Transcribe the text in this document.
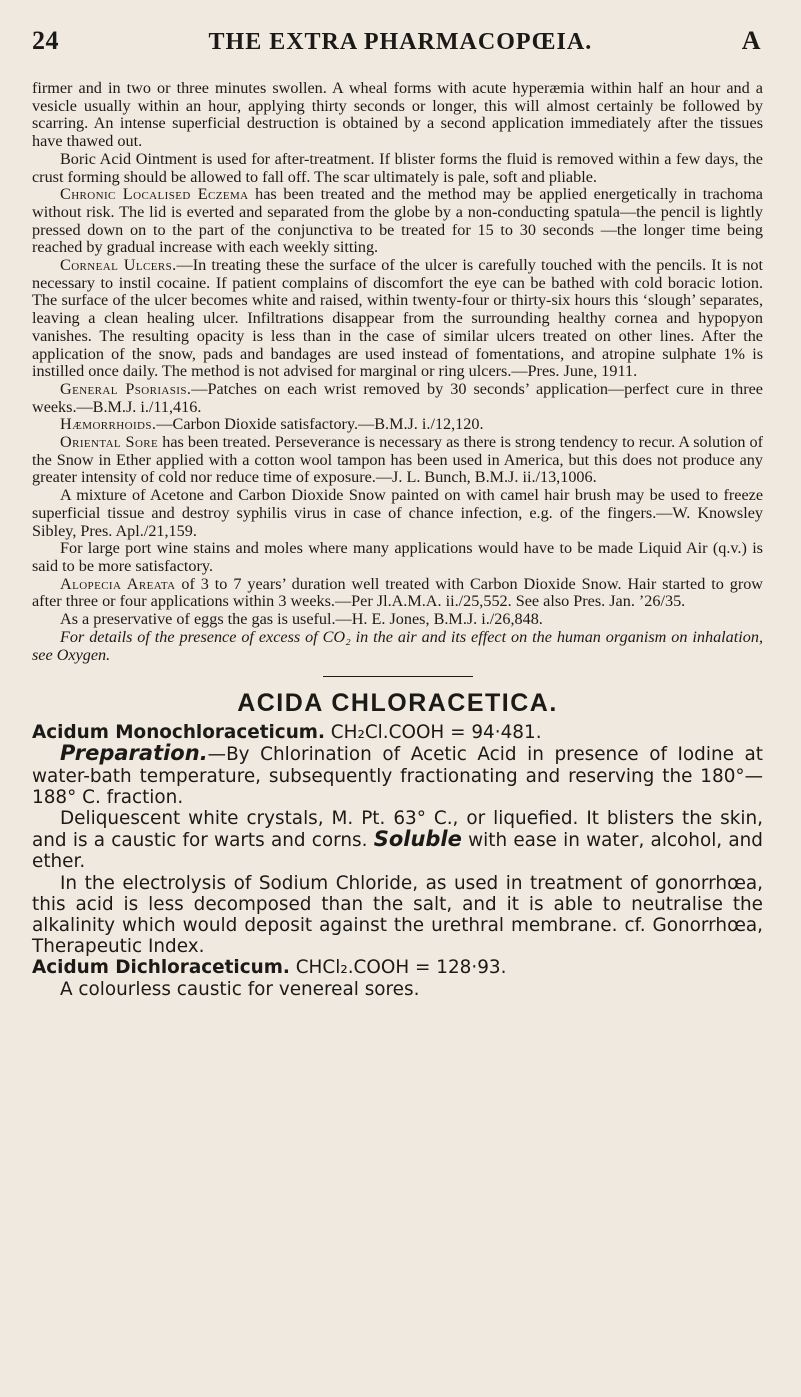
24	THE EXTRA PHARMACOPŒIA.	A

firmer and in two or three minutes swollen. A wheal forms with acute hyperæmia within half an hour and a vesicle usually within an hour, applying thirty seconds or longer, this will almost certainly be followed by scarring. An intense superficial destruction is obtained by a second application immediately after the tissues have thawed out.

Boric Acid Ointment is used for after-treatment. If blister forms the fluid is removed within a few days, the crust forming should be allowed to fall off. The scar ultimately is pale, soft and pliable.

Chronic Localised Eczema has been treated and the method may be applied energetically in trachoma without risk. The lid is everted and separated from the globe by a non-conducting spatula—the pencil is lightly pressed down on to the part of the conjunctiva to be treated for 15 to 30 seconds —the longer time being reached by gradual increase with each weekly sitting.

Corneal Ulcers.—In treating these the surface of the ulcer is carefully touched with the pencils. It is not necessary to instil cocaine. If patient complains of discomfort the eye can be bathed with cold boracic lotion. The surface of the ulcer becomes white and raised, within twenty-four or thirty-six hours this ‘slough’ separates, leaving a clean healing ulcer. Infiltrations disappear from the surrounding healthy cornea and hypopyon vanishes. The resulting opacity is less than in the case of similar ulcers treated on other lines. After the application of the snow, pads and bandages are used instead of fomentations, and atropine sulphate 1% is instilled once daily. The method is not advised for marginal or ring ulcers.—Pres. June, 1911.

General Psoriasis.—Patches on each wrist removed by 30 seconds’ application—perfect cure in three weeks.—B.M.J. i./11,416.

Hæmorrhoids.—Carbon Dioxide satisfactory.—B.M.J. i./12,120.

Oriental Sore has been treated. Perseverance is necessary as there is strong tendency to recur. A solution of the Snow in Ether applied with a cotton wool tampon has been used in America, but this does not produce any greater intensity of cold nor reduce time of exposure.—J. L. Bunch, B.M.J. ii./13,1006.

A mixture of Acetone and Carbon Dioxide Snow painted on with camel hair brush may be used to freeze superficial tissue and destroy syphilis virus in case of chance infection, e.g. of the fingers.—W. Knowsley Sibley, Pres. Apl./21,159.

For large port wine stains and moles where many applications would have to be made Liquid Air (q.v.) is said to be more satisfactory.

Alopecia Areata of 3 to 7 years’ duration well treated with Carbon Dioxide Snow. Hair started to grow after three or four applications within 3 weeks.—Per Jl.A.M.A. ii./25,552. See also Pres. Jan. ’26/35.

As a preservative of eggs the gas is useful.—H. E. Jones, B.M.J. i./26,848.

For details of the presence of excess of CO₂ in the air and its effect on the human organism on inhalation, see Oxygen.

ACIDA CHLORACETICA.

Acidum Monochloraceticum. CH₂Cl.COOH = 94·481.

Preparation.—By Chlorination of Acetic Acid in presence of Iodine at water-bath temperature, subsequently fractionating and reserving the 180°—188° C. fraction.

Deliquescent white crystals, M. Pt. 63° C., or liquefied. It blisters the skin, and is a caustic for warts and corns. Soluble with ease in water, alcohol, and ether.

In the electrolysis of Sodium Chloride, as used in treatment of gonorrhœa, this acid is less decomposed than the salt, and it is able to neutralise the alkalinity which would deposit against the urethral membrane. cf. Gonorrhœa, Therapeutic Index.

Acidum Dichloraceticum. CHCl₂.COOH = 128·93.

A colourless caustic for venereal sores.
